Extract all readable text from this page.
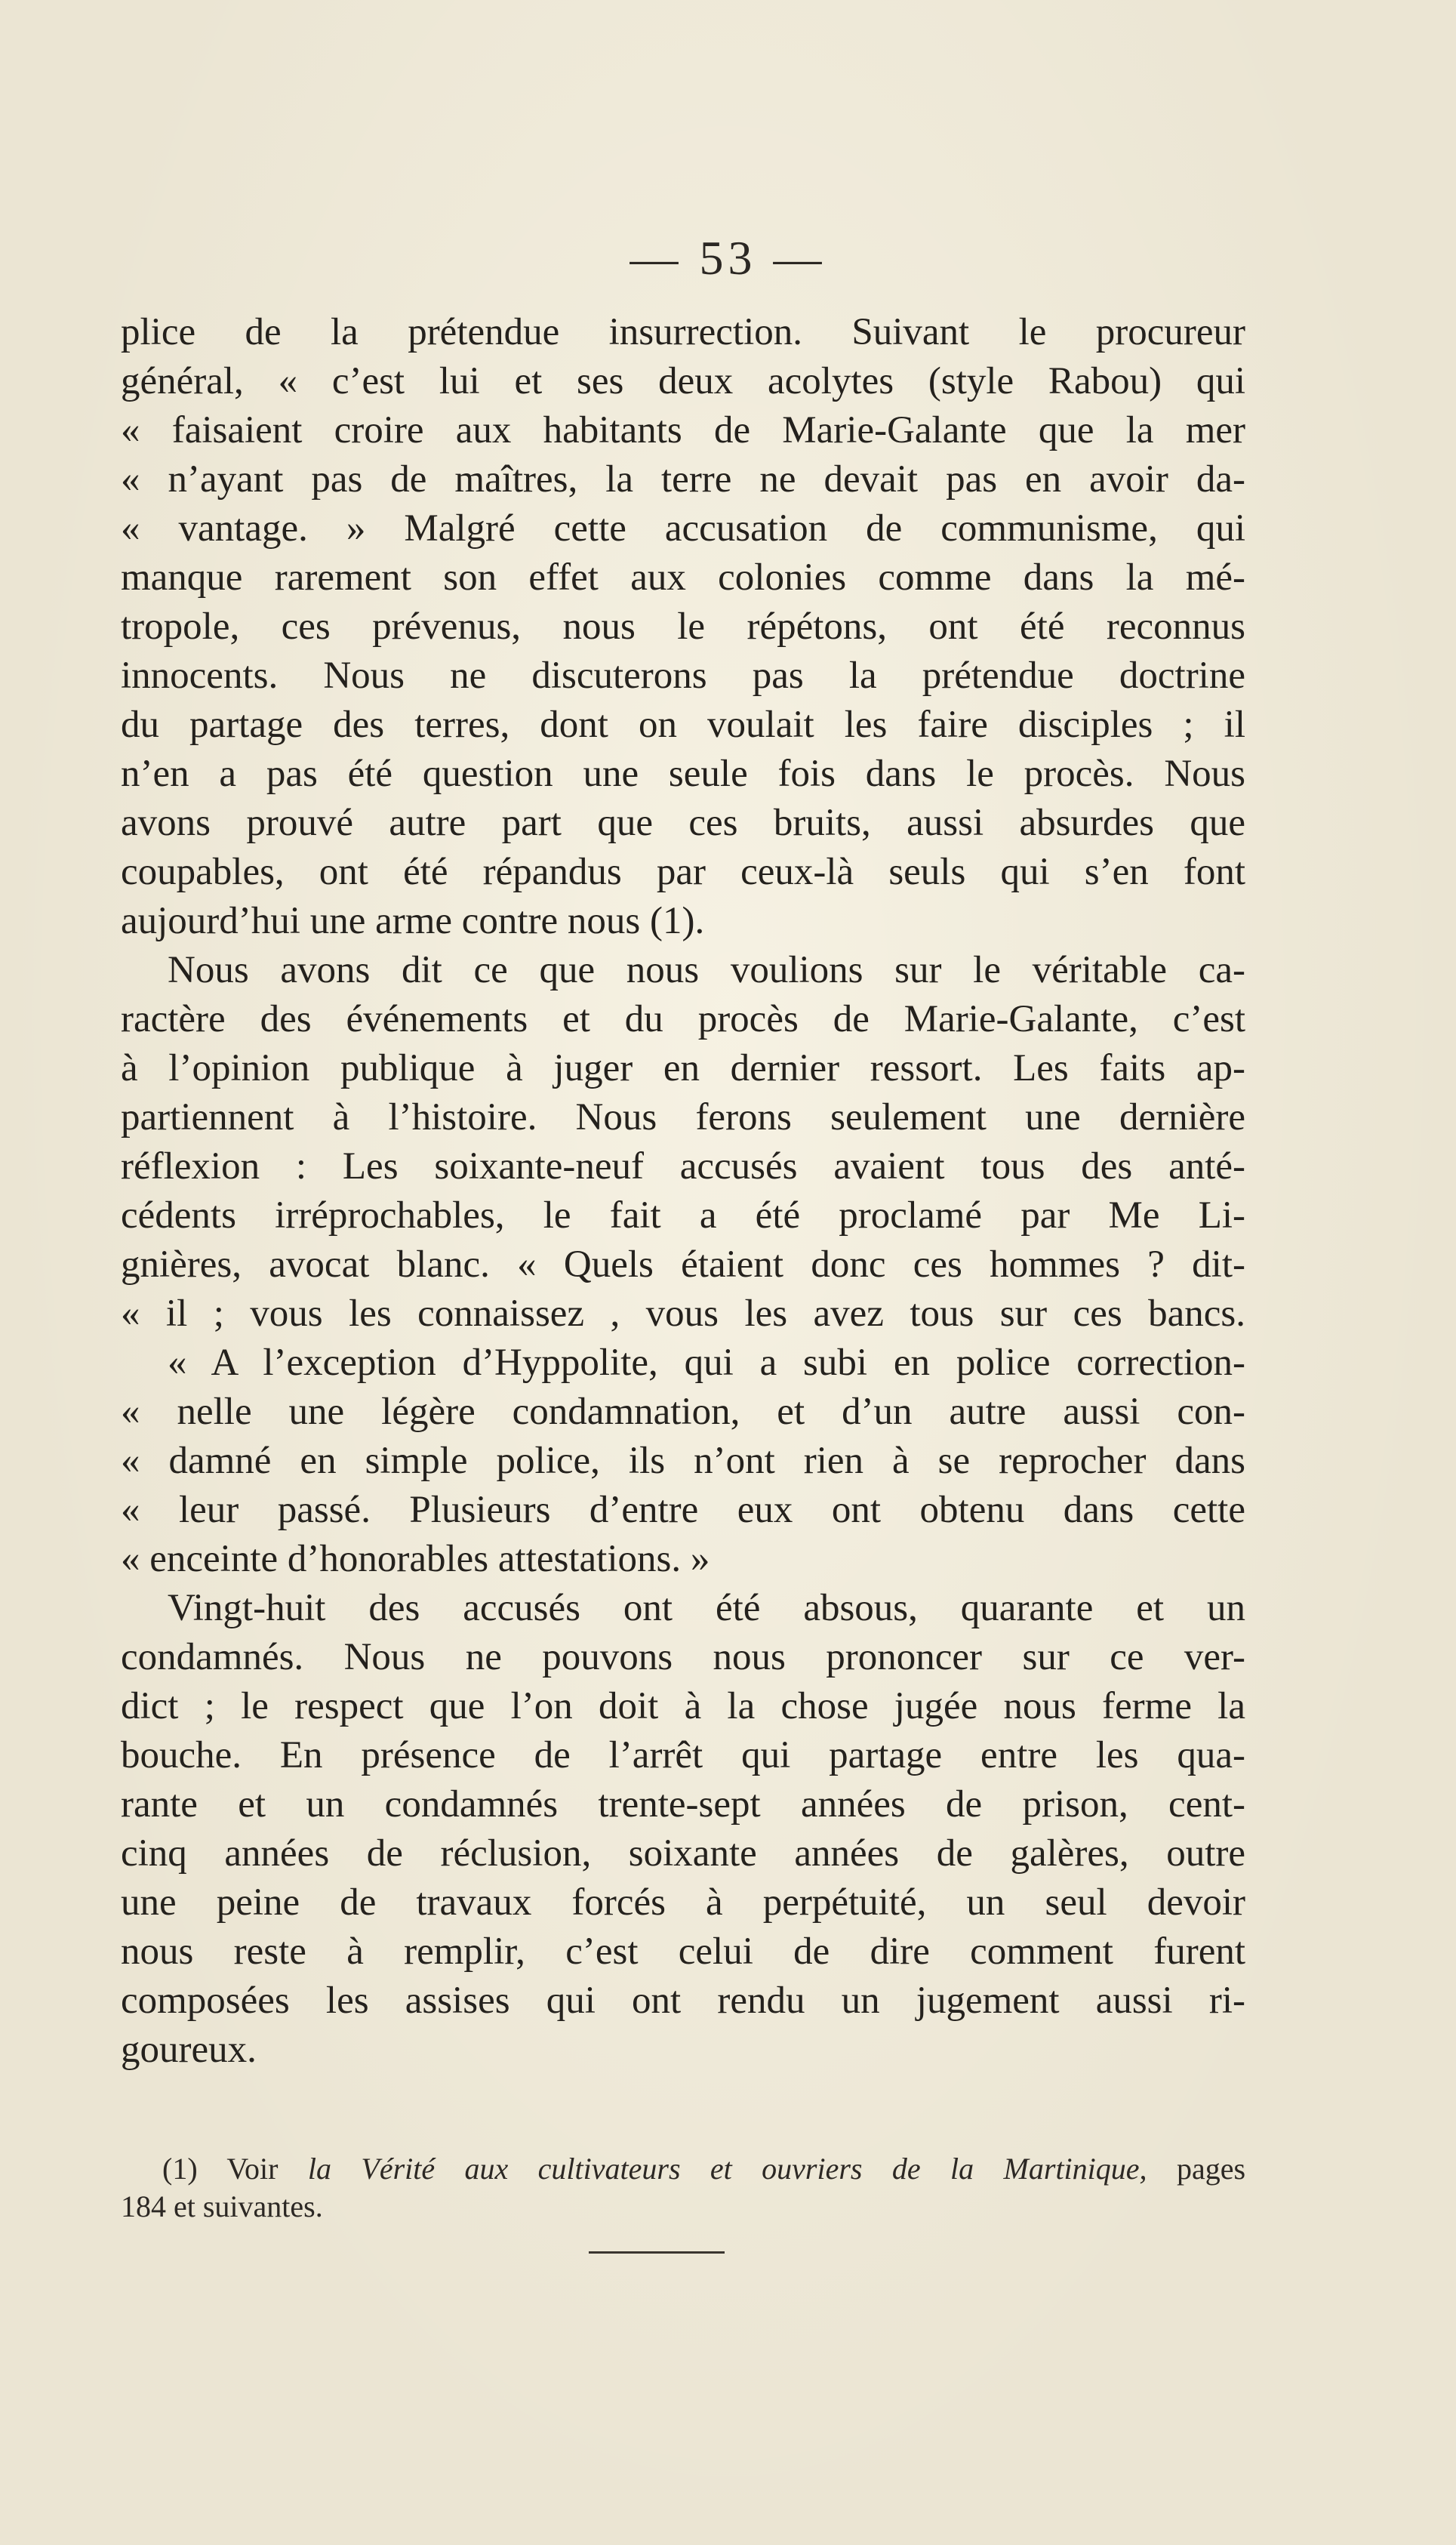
— 53 —
plice de la prétendue insurrection. Suivant le procureur
général, « c’est lui et ses deux acolytes (style Rabou) qui
« faisaient croire aux habitants de Marie-Galante que la mer
« n’ayant pas de maîtres, la terre ne devait pas en avoir da-
« vantage. » Malgré cette accusation de communisme, qui
manque rarement son effet aux colonies comme dans la mé-
tropole, ces prévenus, nous le répétons, ont été reconnus
innocents. Nous ne discuterons pas la prétendue doctrine
du partage des terres, dont on voulait les faire disciples ; il
n’en a pas été question une seule fois dans le procès. Nous
avons prouvé autre part que ces bruits, aussi absurdes que
coupables, ont été répandus par ceux-là seuls qui s’en font
aujourd’hui une arme contre nous (1).
Nous avons dit ce que nous voulions sur le véritable ca-
ractère des événements et du procès de Marie-Galante, c’est
à l’opinion publique à juger en dernier ressort. Les faits ap-
partiennent à l’histoire. Nous ferons seulement une dernière
réflexion : Les soixante-neuf accusés avaient tous des anté-
cédents irréprochables, le fait a été proclamé par Me Li-
gnières, avocat blanc. « Quels étaient donc ces hommes ? dit-
« il ; vous les connaissez , vous les avez tous sur ces bancs.
« A l’exception d’Hyppolite, qui a subi en police correction-
« nelle une légère condamnation, et d’un autre aussi con-
« damné en simple police, ils n’ont rien à se reprocher dans
« leur passé. Plusieurs d’entre eux ont obtenu dans cette
« enceinte d’honorables attestations. »
Vingt-huit des accusés ont été absous, quarante et un
condamnés. Nous ne pouvons nous prononcer sur ce ver-
dict ; le respect que l’on doit à la chose jugée nous ferme la
bouche. En présence de l’arrêt qui partage entre les qua-
rante et un condamnés trente-sept années de prison, cent-
cinq années de réclusion, soixante années de galères, outre
une peine de travaux forcés à perpétuité, un seul devoir
nous reste à remplir, c’est celui de dire comment furent
composées les assises qui ont rendu un jugement aussi ri-
goureux.
(1) Voir la Vérité aux cultivateurs et ouvriers de la Martinique, pages
184 et suivantes.
